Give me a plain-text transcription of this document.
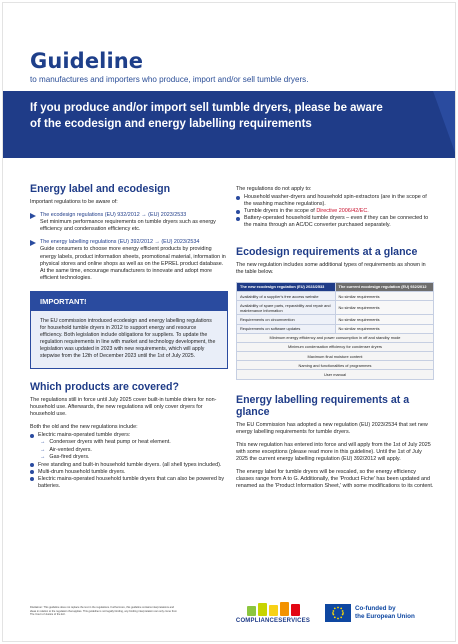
Guideline
to manufactures and importers who produce, import and/or sell tumble dryers.
If you produce and/or import sell tumble dryers, please be aware of the ecodesign and energy labelling requirements
Energy label and ecodesign
Important regulations to be aware of:
The ecodesign regulations (EU) 932/2012 → (EU) 2023/2533
Set minimum performance requirements on tumble dryers such as energy efficiency and condensation efficiency etc.
The energy labelling regulations (EU) 392/2012 → (EU) 2023/2534
Guide consumers to choose more energy efficient products by providing energy labels, product information sheets, promotional material, information in physical stores and online shops as well as on the EPREL product database. At the same time, encourage manufacturers to innovate and adopt more efficient technologies.
IMPORTANT!
The EU commission introduced ecodesign and energy labelling regulations for household tumble dryers in 2012 to support energy and resource efficiency. Both legislation include obligations for suppliers. To update the regulation requirements in line with market and technology development, the legislation was updated in 2023 with new requirements, which will apply stepwise from the 12th of December 2023 until the 1st of July 2025.
Which products are covered?
The regulations still in force until July 2025 cover built-in tumble driers for non-household use. Afterwards, the new regulations will only cover dryers for household use.
Both the old and the new regulations include:
Electric mains-operated tumble dryers:
→ Condenser dryers with heat pump or heat element.
→ Air-vented dryers.
→ Gas-fired dryers.
Free standing and built-in household tumble dryers. (all shell types included).
Multi-drum household tumble dryers.
Electric mains-operated household tumble dryers that can also be powered by batteries.
The regulations do not apply to:
Household washer-dryers and household spin-extractors (are in the scope of the washing machine regulations).
Tumble dryers in the scope of Directive 2006/42/EC.
Battery-operated household tumble dryers – even if they can be connected to the mains through an AC/DC converter purchased separately.
Ecodesign requirements at a glance
The new regulation includes some additional types of requirements as shown in the table below.
The new ecodesign regulation (EU) 2023/2533	The current ecodesign regulation (EU) 932/2012
Availability of a supplier's free access website	No similar requirements
Availability of spare parts, reparability and repair and maintenance information	No similar requirements
Requirements on circumvention	No similar requirements
Requirements on software updates	No similar requirements
Minimum energy efficiency and power consumption in off and standby mode	
Minimum condensation efficiency for condenser dryers	
Maximum final moisture content	
Naming and functionalities of programmes	
User manual	
Energy labelling requirements at a glance
The EU Commission has adopted a new regulation (EU) 2023/2534 that set new energy labelling requirements for tumble dryers.
This new regulation has entered into force and will apply from the 1st of July 2025 with some exceptions (please read more in this guideline). Until the 1st of July 2025 the current energy labelling regulation (EU) 392/2012 will apply.
The energy label for tumble dryers will be rescaled, so the energy efficiency classes range from A to G. Additionally, the 'Product Fiche' has been updated and renamed as the 'Product Information Sheet,' with some modifications to its content.
Disclaimer: This guideline does not replace the text in the regulations. Furthermore, this guideline contains interpretations and ideas in relation to the regulation that applies. This guideline is not legally binding, any binding interpretation can only come from The Court of Justice of the EU.
COMPLIANCESERVICES
Co-funded by
the European Union
